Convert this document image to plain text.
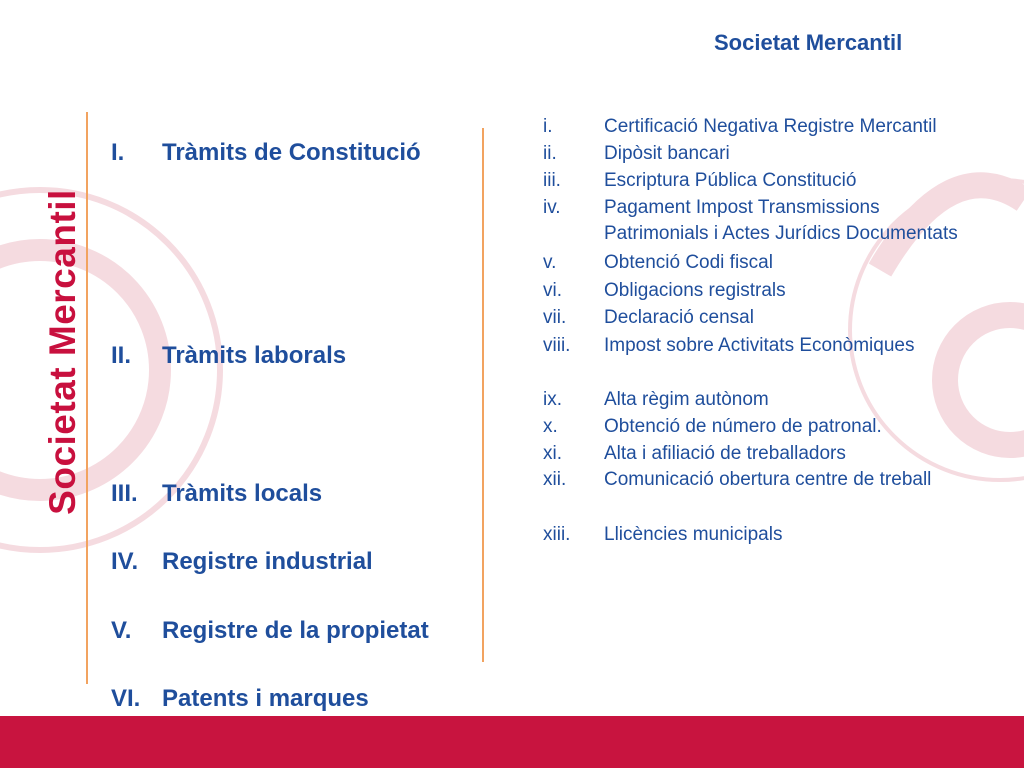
Societat Mercantil
Societat Mercantil
I. Tràmits de Constitució
II. Tràmits laborals
III. Tràmits locals
IV. Registre industrial
V. Registre de la propietat
VI. Patents i marques
i.	Certificació Negativa Registre Mercantil
ii. Dipòsit bancari
iii. Escriptura Pública Constitució
iv. Pagament Impost Transmissions
Patrimonials i Actes Jurídics Documentats
v.	Obtenció Codi fiscal
vi. Obligacions registrals
vii. Declaració censal
viii. Impost sobre Activitats Econòmiques
ix. Alta règim autònom
x. Obtenció de número de patronal.
xi. Alta i afiliació de treballadors
xii. Comunicació obertura centre de treball
xiii. Llicències municipals
